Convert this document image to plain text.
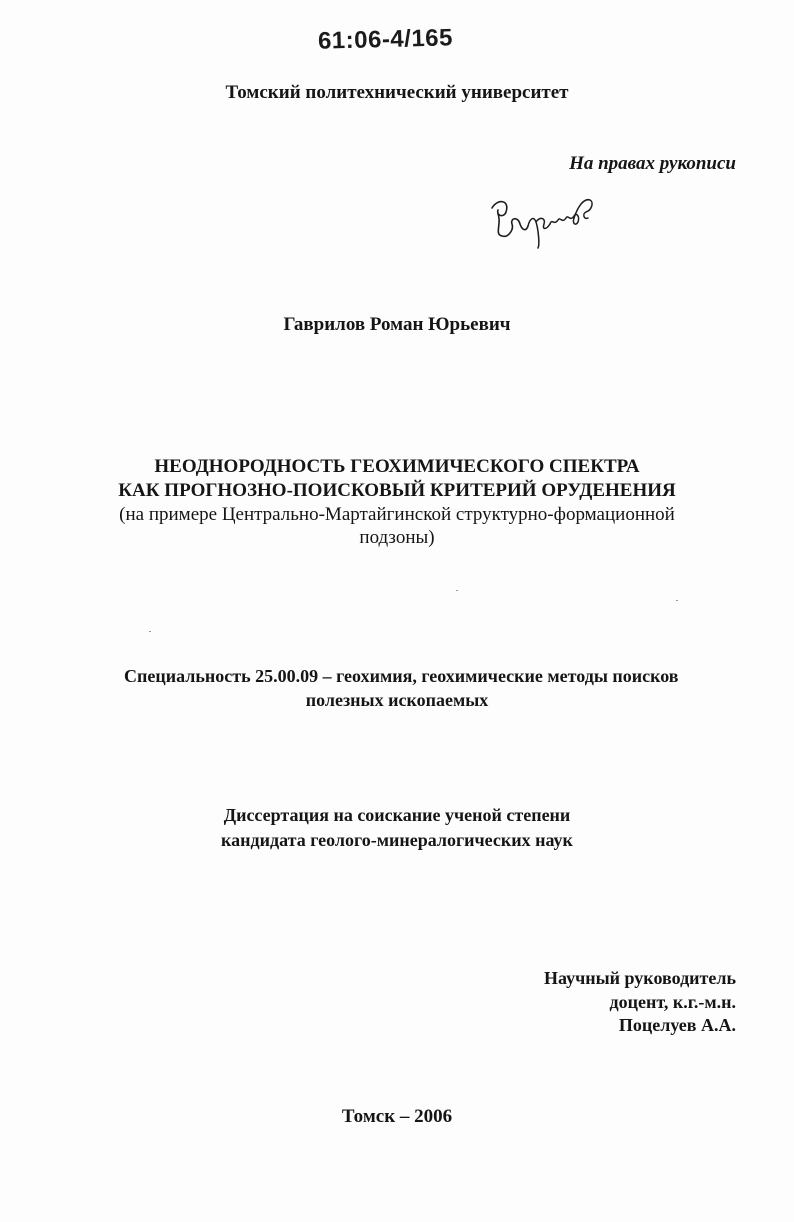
61:06-4/165
Томский политехнический университет
На правах рукописи
Гаврилов Роман Юрьевич
НЕОДНОРОДНОСТЬ ГЕОХИМИЧЕСКОГО СПЕКТРА
КАК ПРОГНОЗНО-ПОИСКОВЫЙ КРИТЕРИЙ ОРУДЕНЕНИЯ
(на примере Центрально-Мартайгинской структурно-формационной
подзоны)
Специальность 25.00.09 – геохимия, геохимические методы поисков
полезных ископаемых
Диссертация на соискание ученой степени
кандидата геолого-минералогических наук
Научный руководитель
доцент, к.г.-м.н.
Поцелуев А.А.
Томск – 2006
